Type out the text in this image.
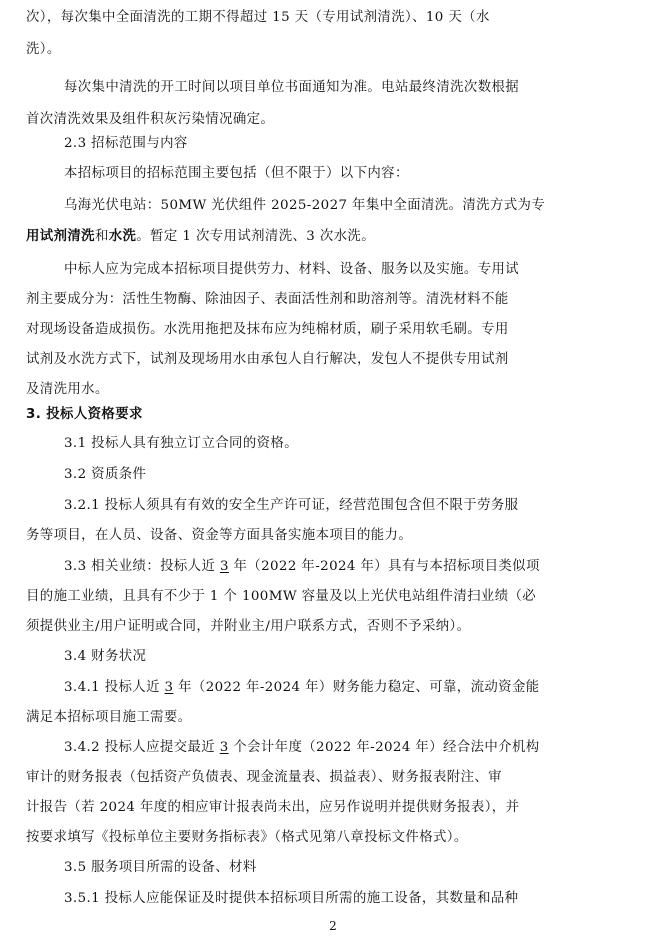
次），每次集中全面清洗的工期不得超过 15 天（专用试剂清洗）、10 天（水
洗）。
每次集中清洗的开工时间以项目单位书面通知为准。电站最终清洗次数根据
首次清洗效果及组件积灰污染情况确定。
2.3 招标范围与内容
本招标项目的招标范围主要包括（但不限于）以下内容：
乌海光伏电站：50MW 光伏组件 2025-2027 年集中全面清洗。清洗方式为专
用试剂清洗和水洗。暂定 1 次专用试剂清洗、3 次水洗。
中标人应为完成本招标项目提供劳力、材料、设备、服务以及实施。专用试
剂主要成分为：活性生物酶、除油因子、表面活性剂和助溶剂等。清洗材料不能
对现场设备造成损伤。水洗用拖把及抹布应为纯棉材质，刷子采用软毛刷。专用
试剂及水洗方式下，试剂及现场用水由承包人自行解决，发包人不提供专用试剂
及清洗用水。
3. 投标人资格要求
3.1 投标人具有独立订立合同的资格。
3.2 资质条件
3.2.1 投标人须具有有效的安全生产许可证，经营范围包含但不限于劳务服
务等项目，在人员、设备、资金等方面具备实施本项目的能力。
3.3 相关业绩：投标人近 3 年（2022 年-2024 年）具有与本招标项目类似项
目的施工业绩，且具有不少于 1 个 100MW 容量及以上光伏电站组件清扫业绩（必
须提供业主/用户证明或合同，并附业主/用户联系方式，否则不予采纳）。
3.4 财务状况
3.4.1 投标人近 3 年（2022 年-2024 年）财务能力稳定、可靠，流动资金能
满足本招标项目施工需要。
3.4.2 投标人应提交最近 3 个会计年度（2022 年-2024 年）经合法中介机构
审计的财务报表（包括资产负债表、现金流量表、损益表）、财务报表附注、审
计报告（若 2024 年度的相应审计报表尚未出，应另作说明并提供财务报表），并
按要求填写《投标单位主要财务指标表》（格式见第八章投标文件格式）。
3.5 服务项目所需的设备、材料
3.5.1 投标人应能保证及时提供本招标项目所需的施工设备，其数量和品种
2
